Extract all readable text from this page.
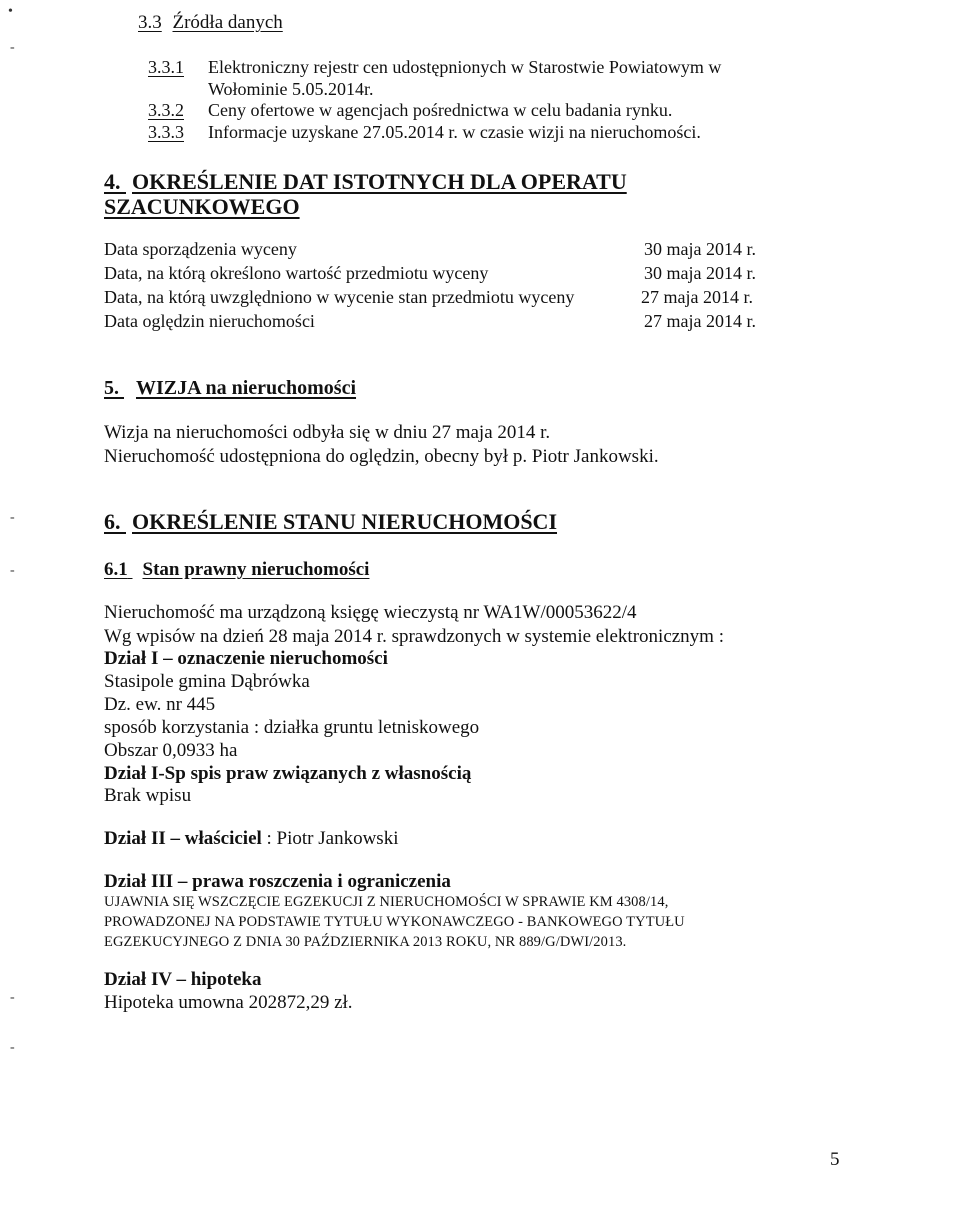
•
-
-
-
-
-
3.3 Źródła danych
3.3.1 Elektroniczny rejestr cen udostępnionych w Starostwie Powiatowym w
Wołominie 5.05.2014r.
3.3.2 Ceny ofertowe w agencjach pośrednictwa w celu badania rynku.
3.3.3 Informacje uzyskane 27.05.2014 r. w czasie wizji na nieruchomości.
4. OKREŚLENIE DAT ISTOTNYCH DLA OPERATU
SZACUNKOWEGO
Data sporządzenia wyceny	30 maja 2014 r.
Data, na którą określono wartość przedmiotu wyceny	30 maja 2014 r.
Data, na którą uwzględniono w wycenie stan przedmiotu wyceny	27 maja 2014 r.
Data oględzin nieruchomości	27 maja 2014 r.
5. WIZJA na nieruchomości
Wizja na nieruchomości odbyła się w dniu 27 maja 2014 r.
Nieruchomość udostępniona do oględzin, obecny był p. Piotr Jankowski.
6. OKREŚLENIE STANU NIERUCHOMOŚCI
6.1 Stan prawny nieruchomości
Nieruchomość ma urządzoną księgę wieczystą nr WA1W/00053622/4
Wg wpisów na dzień 28 maja 2014 r. sprawdzonych w systemie elektronicznym :
Dział I – oznaczenie nieruchomości
Stasipole gmina Dąbrówka
Dz. ew. nr 445
sposób korzystania : działka gruntu letniskowego
Obszar 0,0933 ha
Dział I-Sp spis praw związanych z własnością
Brak wpisu
Dział II – właściciel : Piotr Jankowski
Dział III – prawa roszczenia i ograniczenia
UJAWNIA SIĘ WSZCZĘCIE EGZEKUCJI Z NIERUCHOMOŚCI W SPRAWIE KM 4308/14,
PROWADZONEJ NA PODSTAWIE TYTUŁU WYKONAWCZEGO - BANKOWEGO TYTUŁU
EGZEKUCYJNEGO Z DNIA 30 PAŹDZIERNIKA 2013 ROKU, NR 889/G/DWI/2013.
Dział IV – hipoteka
Hipoteka umowna 202872,29 zł.
5
